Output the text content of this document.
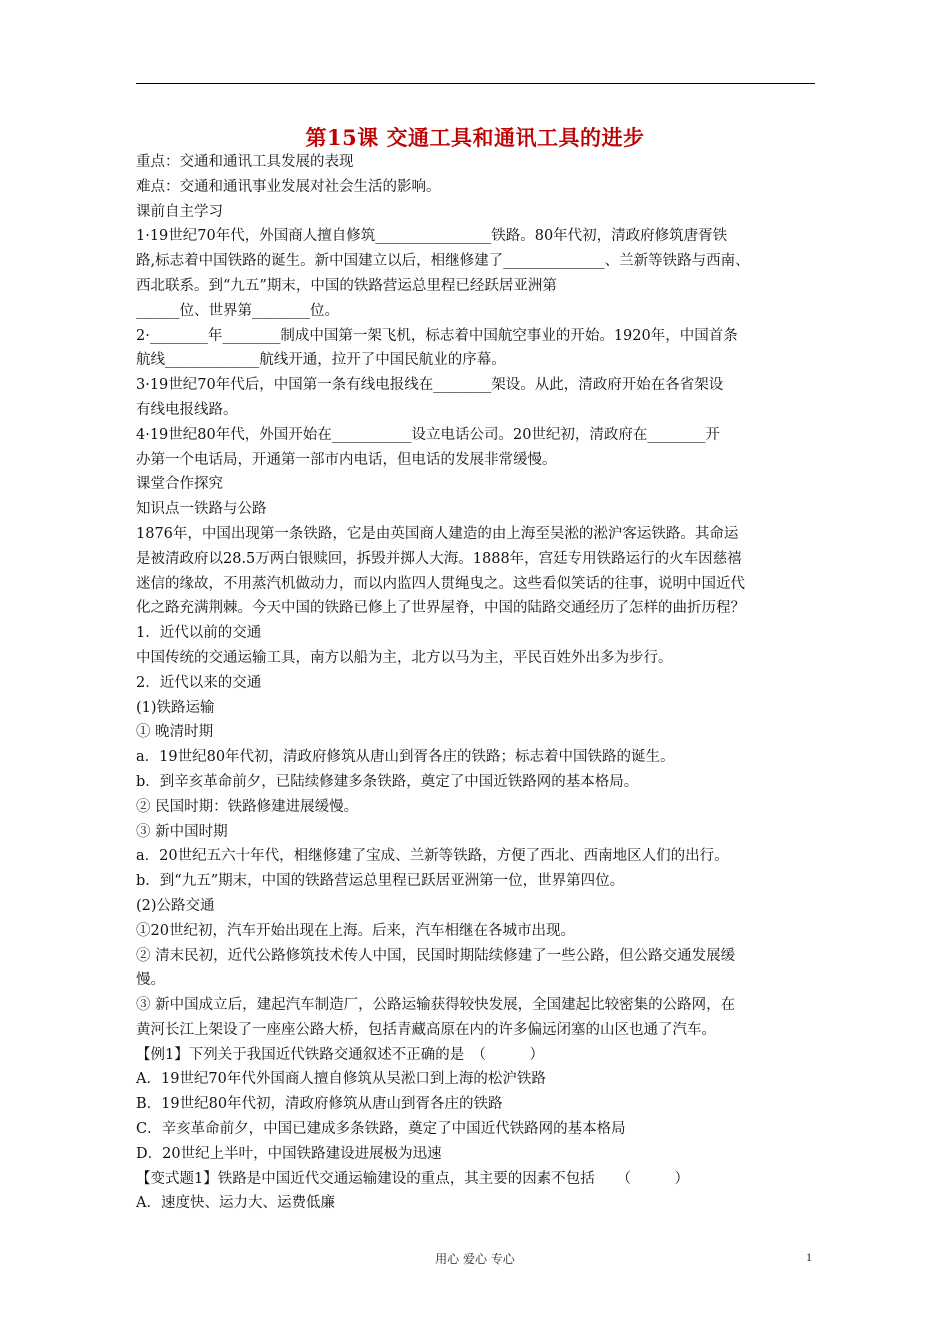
第15课 交通工具和通讯工具的进步
重点：交通和通讯工具发展的表现
难点：交通和通讯事业发展对社会生活的影响。
课前自主学习
1·19世纪70年代，外国商人擅自修筑________________铁路。80年代初，清政府修筑唐胥铁
路,标志着中国铁路的诞生。新中国建立以后，相继修建了______________、兰新等铁路与西南、
西北联系。到“九五”期末，中国的铁路营运总里程已经跃居亚洲第
______位、世界第________位。
2·________年________制成中国第一架飞机，标志着中国航空事业的开始。1920年，中国首条
航线_____________航线开通，拉开了中国民航业的序幕。
3·19世纪70年代后，中国第一条有线电报线在________架设。从此，清政府开始在各省架设
有线电报线路。
4·19世纪80年代，外国开始在___________设立电话公司。20世纪初，清政府在________开
办第一个电话局，开通第一部市内电话，但电话的发展非常缓慢。
课堂合作探究
知识点一铁路与公路
1876年，中国出现第一条铁路，它是由英国商人建造的由上海至吴淞的淞沪客运铁路。其命运
是被清政府以28.5万两白银赎回，拆毁并掷人大海。1888年，宫廷专用铁路运行的火车因慈禧
迷信的缘故，不用蒸汽机做动力，而以内监四人贯绳曳之。这些看似笑话的往事，说明中国近代
化之路充满荆棘。今天中国的铁路已修上了世界屋脊，中国的陆路交通经历了怎样的曲折历程？
1．近代以前的交通
中国传统的交通运输工具，南方以船为主，北方以马为主，平民百姓外出多为步行。
2．近代以来的交通
(1)铁路运输
① 晚清时期
a．19世纪80年代初，清政府修筑从唐山到胥各庄的铁路；标志着中国铁路的诞生。
b．到辛亥革命前夕，已陆续修建多条铁路，奠定了中国近铁路网的基本格局。
② 民国时期：铁路修建进展缓慢。
③ 新中国时期
a．20世纪五六十年代，相继修建了宝成、兰新等铁路，方便了西北、西南地区人们的出行。
b．到“九五”期末，中国的铁路营运总里程已跃居亚洲第一位，世界第四位。
(2)公路交通
①20世纪初，汽车开始出现在上海。后来，汽车相继在各城市出现。
② 清末民初，近代公路修筑技术传人中国，民国时期陆续修建了一些公路，但公路交通发展缓
慢。
③ 新中国成立后，建起汽车制造厂，公路运输获得较快发展，全国建起比较密集的公路网，在
黄河长江上架设了一座座公路大桥，包括青藏高原在内的许多偏远闭塞的山区也通了汽车。
【例1】下列关于我国近代铁路交通叙述不正确的是　（　　　）
A．19世纪70年代外国商人擅自修筑从吴淞口到上海的松沪铁路
B．19世纪80年代初，清政府修筑从唐山到胥各庄的铁路
C．辛亥革命前夕，中国已建成多条铁路，奠定了中国近代铁路网的基本格局
D．20世纪上半叶，中国铁路建设进展极为迅速
【变式题1】铁路是中国近代交通运输建设的重点，其主要的因素不包括　　（　　　）
A．速度快、运力大、运费低廉
用心 爱心 专心	1
